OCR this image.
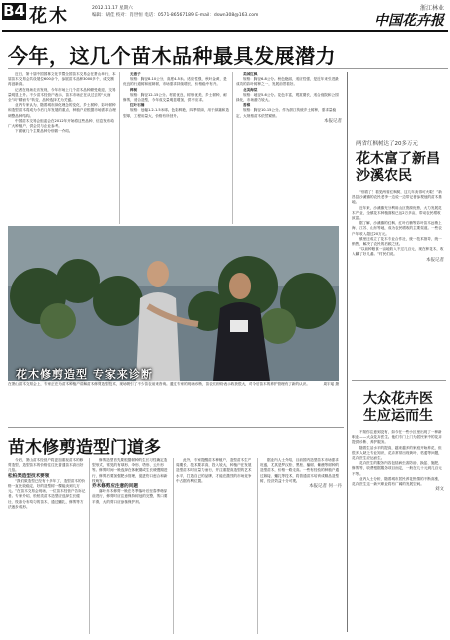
B4 花木	2012.11.17 星期六
编辑：胡佳 校对：肖世恒 电话：0571-86567189 E-mail：dswn308@163.com
浙江林业
中国花卉报
今年，这几个苗木品种最具发展潜力

近日，第十届中国园林文化节暨全国苗木交易会在萧山举行，本届苗木交易会共设展位600余个，参展苗木品种3000多个，成交额再创新高。

记者在现场走访发现，今年市场上几个苗木品种颇受欢迎，交易量明显上升。不少苗木经营户表示，苗木市场正在从过去的“大而全”向“精而专”转变，品种选择尤为关键。

业内专家认为，随着城市绿化理念的变化，乡土树种、彩叶树种和造型苗木将成为今后几年发展的重点，种植户应根据市场需求合理调整品种结构。

中国苗木交易会组委会在2012年开始将这些品种、信息发布给广大种植户，供会员与企业参考。

下面就几个主要品种分别做一介绍。

无患子

规格：胸径8-10公分，高度4-5米。适应性强，秋叶金黄，是优良的行道树和庭荫树，市场需求持续增长，价格稳中有升。

榉树

规格：胸径12-15公分。材质优良，树形优美，乡土树种，耐修剪，适合造型，今年成交量明显增加，供不应求。

红叶石楠

规格：冠幅1.2-1.5米球。色彩鲜艳，四季常绿，用于绿篱和造型球，工程用量大，价格有所回升。

美国红枫

规格：胸径6-8公分。秋色艳丽，适应性强，是近年来引进最成功的彩叶树种之一，发展前景看好。

北美海棠

规格：地径5-6公分。花色丰富，观赏期长，适合庭院和公园绿化，市场潜力较大。

香樟

规格：胸径10-15公分。作为浙江传统乡土树种，需求量稳定，大规格苗木依然紧俏。

本报记者

花木修剪造型 专家来诊断
在萧山苗木交易会上，专家正在为苗木种植户讲解苗木修剪造型技术，现场吸引了不少苗农前来咨询。通过专家的现场诊断，苗农们纷纷表示收获很大，对今后苗木的养护管理有了新的认识。	周宇瑶 摄
两省红枫树达了20多万元
花木富了新昌沙溪农民

“别看了！看见两省红枫树，这几年卖得可火啦！”新昌县沙溪镇的农民老李一边说一边带记者参观他的苗木基地。

近年来，沙溪镇充分利用山区资源优势，大力发展花木产业，全镇花木种植面积已达2万多亩，带动农民增收致富。

据了解，沙溪镇的红枫、红叶石楠等彩叶苗木远销上海、江苏、山东等地，成为农民增收的主要渠道。一些农户年收入超过20万元。

镇里还成立了花木专业合作社，统一技术指导，统一销售，解决了农民的后顾之忧。

“以前种粮食一亩地收入不过几百元，现在种花木，收入翻了好几番。”村民们说。

本报记者

大众花卉医生应运而生

不知你注意到没有，如今在一些小区里出现了一种新职业——大众花卉医生。他们专门上门为居民家中的花卉提供诊断、养护服务。

随着生活水平的提高，越来越多的家庭开始养花，但很多人缺乏专业知识，花卉常常出现黄叶、枯萎等问题，花卉医生应运而生。

花卉医生的服务内容包括病虫害防治、换盆、施肥、修剪等，收费根据服务项目而定，一般在几十元到几百元不等。

业内人士分析，随着城市居民养花热情的不断高涨，花卉医生这一新兴职业将有广阔的发展空间。

刘文

苗木修剪造型门道多

今后，萧山苗木经营户将更加重视苗木的修剪造型，造型苗木的价格往往比普通苗木高出好几倍。

松柏类造型技术要领

“我们做造型已经有十多年了，造型苗木的价格一直比较稳定，好的造型树一棵能卖到几万元。”在苗木交易会现场，一位苗木经营户告诉记者。专家介绍，松柏类苗木造型应选择生长健壮、枝条分布均匀的苗木，通过蟠扎、修剪等方法逐步成形。

修剪造型首先要根据树种的生长习性确定造型形式，常见的有球形、伞形、塔形、云片形等。修剪时间一般选择在休眠期或生长缓慢期进行，修剪后要加强肥水管理，促进伤口愈合和新枝萌发。

乔木修剪应注意的问题

落叶乔木修剪一般在冬季落叶后至春季萌芽前进行，修剪时应注意保持树冠的完整，剪口要平滑，大的剪口应涂抹保护剂。

此外，专家提醒苗木种植户，造型苗木生产周期长、技术要求高，投入较大，种植户在发展造型苗木时应量力而行，并注重提高造型的艺术水平，打造自己的品牌，才能在激烈的市场竞争中占据有利位置。

据业内人士介绍，目前国内造型苗木市场需求旺盛，尤其是罗汉松、黑松、榆树、紫薇等树种的造型苗木，价格一路走高。一些有经验的种植户通过嫁接、蟠扎等技术，将普通苗木培育成精品造型树，经济效益十分可观。

本报记者 何一丹
